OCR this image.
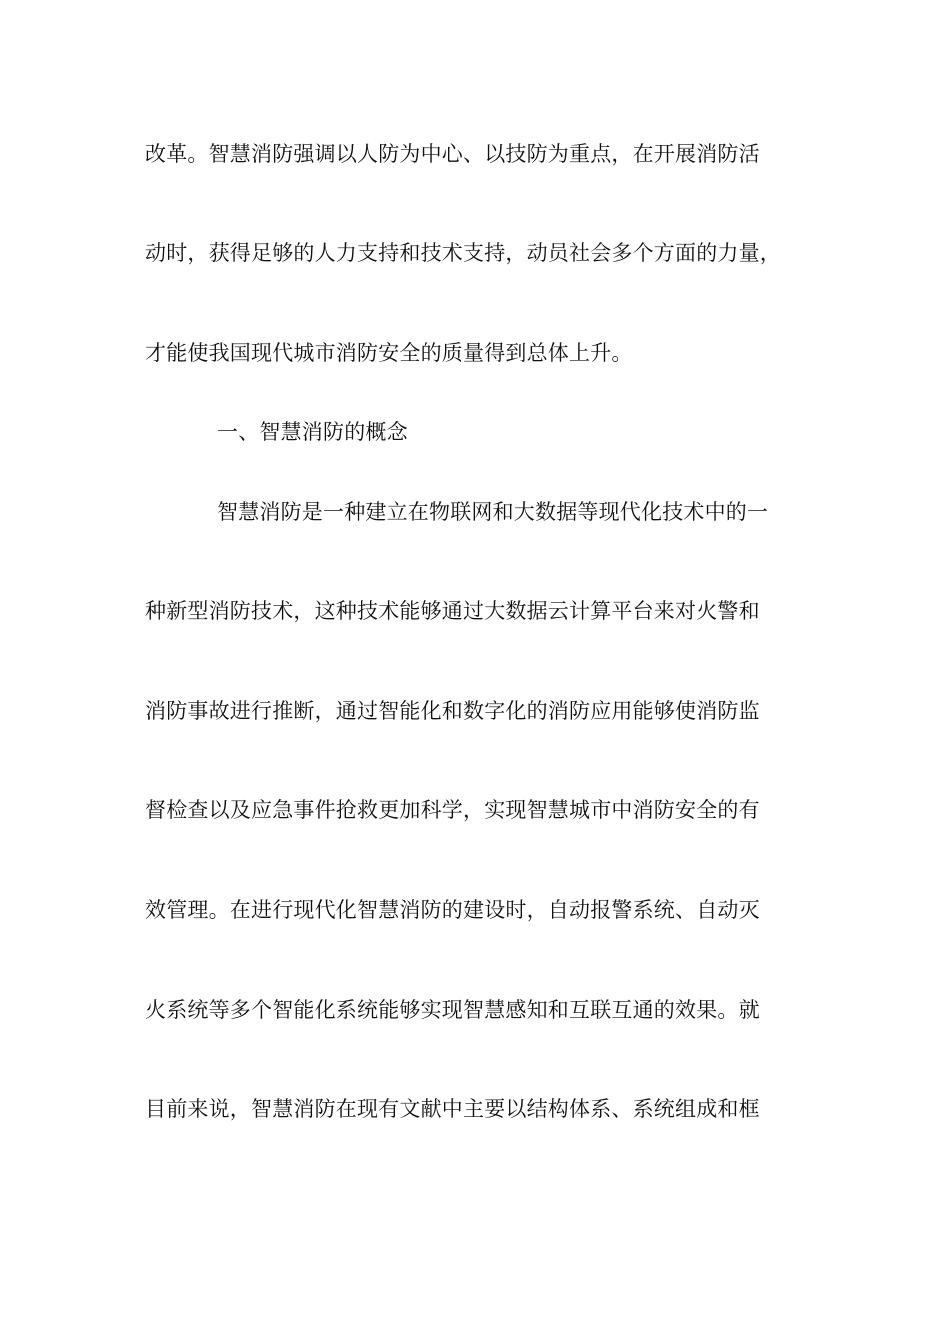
改革。智慧消防强调以人防为中心、以技防为重点，在开展消防活
动时，获得足够的人力支持和技术支持，动员社会多个方面的力量，
才能使我国现代城市消防安全的质量得到总体上升。
一、智慧消防的概念
智慧消防是一种建立在物联网和大数据等现代化技术中的一
种新型消防技术，这种技术能够通过大数据云计算平台来对火警和
消防事故进行推断，通过智能化和数字化的消防应用能够使消防监
督检查以及应急事件抢救更加科学，实现智慧城市中消防安全的有
效管理。在进行现代化智慧消防的建设时，自动报警系统、自动灭
火系统等多个智能化系统能够实现智慧感知和互联互通的效果。就
目前来说，智慧消防在现有文献中主要以结构体系、系统组成和框
